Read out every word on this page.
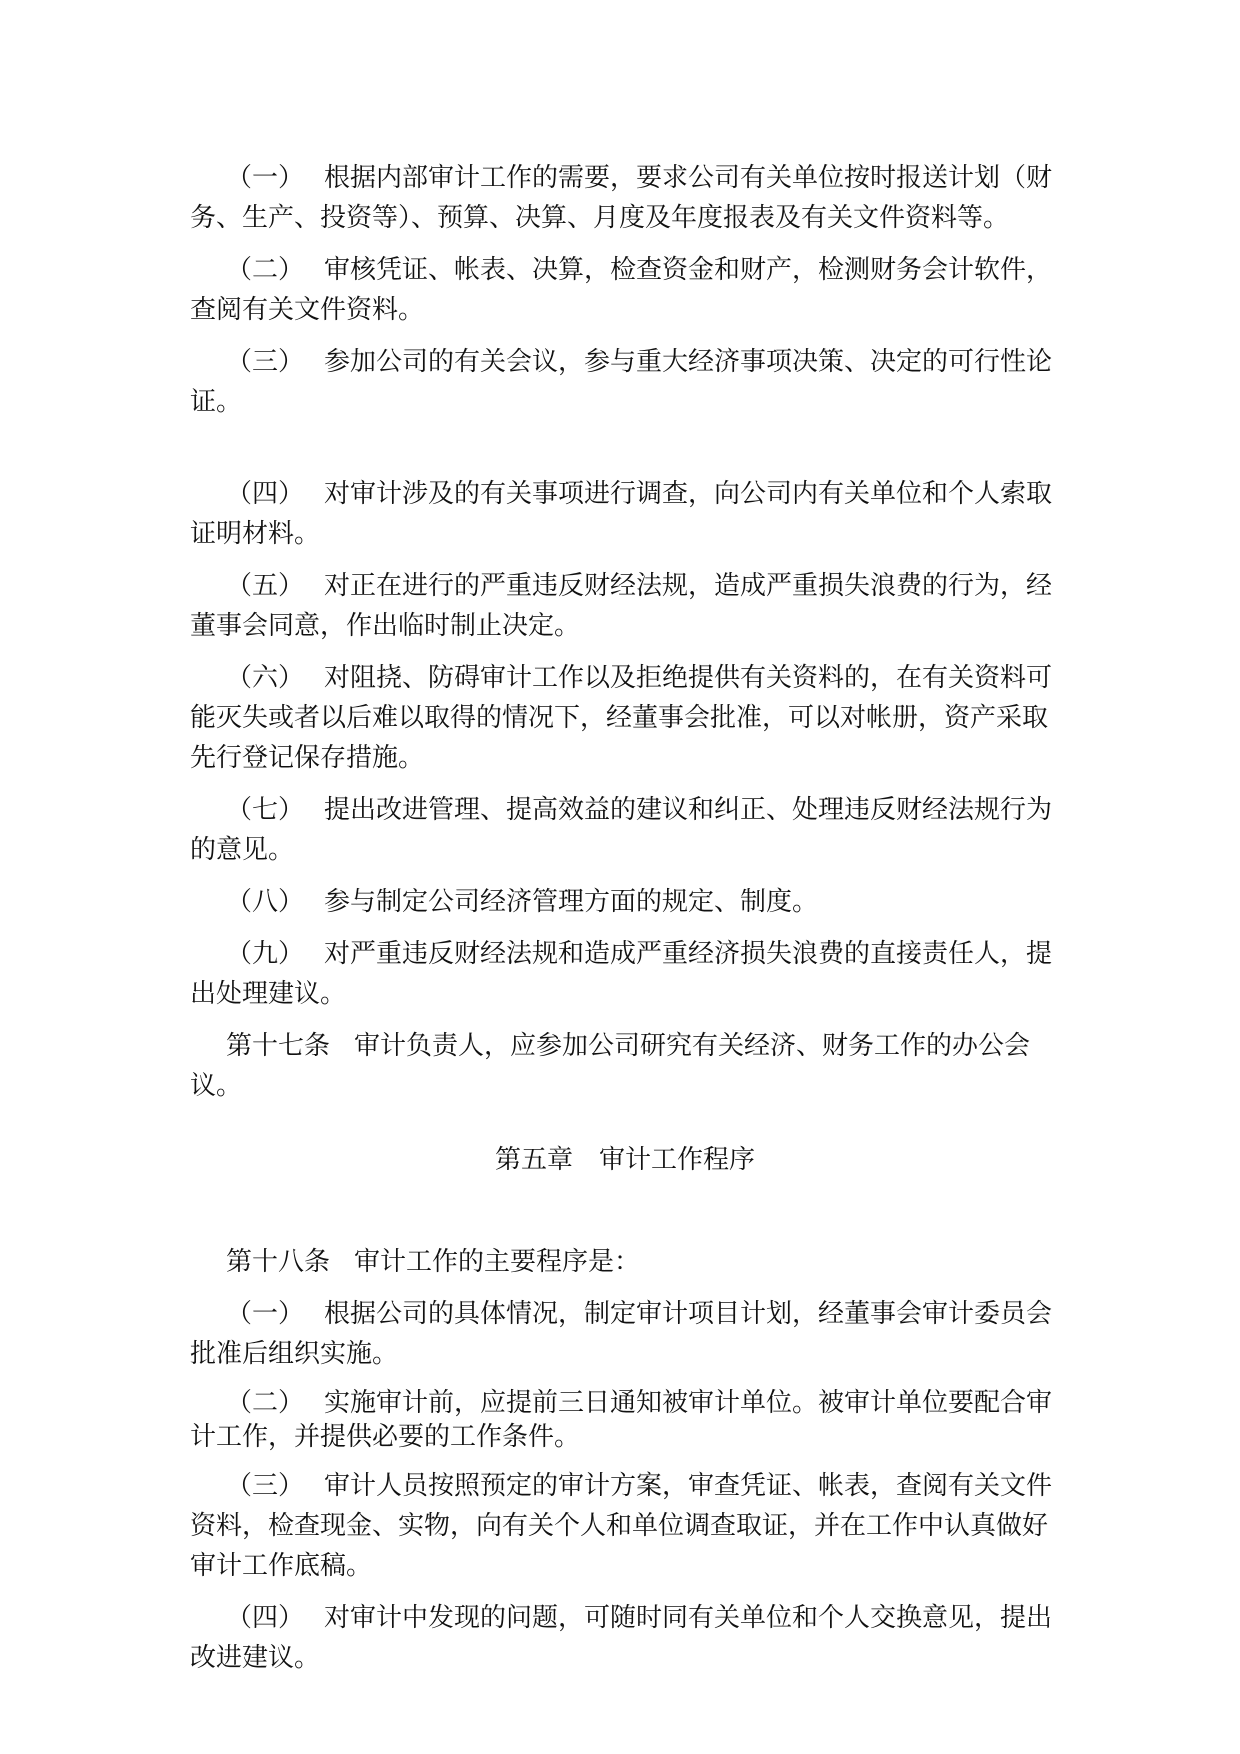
（一） 根据内部审计工作的需要，要求公司有关单位按时报送计划（财务、生产、投资等）、预算、决算、月度及年度报表及有关文件资料等。

（二） 审核凭证、帐表、决算，检查资金和财产，检测财务会计软件，查阅有关文件资料。

（三） 参加公司的有关会议，参与重大经济事项决策、决定的可行性论证。

（四） 对审计涉及的有关事项进行调查，向公司内有关单位和个人索取证明材料。

（五） 对正在进行的严重违反财经法规，造成严重损失浪费的行为，经董事会同意，作出临时制止决定。

（六） 对阻挠、防碍审计工作以及拒绝提供有关资料的，在有关资料可能灭失或者以后难以取得的情况下，经董事会批准，可以对帐册，资产采取先行登记保存措施。

（七） 提出改进管理、提高效益的建议和纠正、处理违反财经法规行为的意见。

（八） 参与制定公司经济管理方面的规定、制度。

（九） 对严重违反财经法规和造成严重经济损失浪费的直接责任人，提出处理建议。

第十七条 审计负责人，应参加公司研究有关经济、财务工作的办公会议。

第五章　审计工作程序

第十八条 审计工作的主要程序是：

（一） 根据公司的具体情况，制定审计项目计划，经董事会审计委员会批准后组织实施。

（二） 实施审计前，应提前三日通知被审计单位。被审计单位要配合审计工作，并提供必要的工作条件。

（三） 审计人员按照预定的审计方案，审查凭证、帐表，查阅有关文件资料，检查现金、实物，向有关个人和单位调查取证，并在工作中认真做好审计工作底稿。

（四） 对审计中发现的问题，可随时同有关单位和个人交换意见，提出改进建议。
